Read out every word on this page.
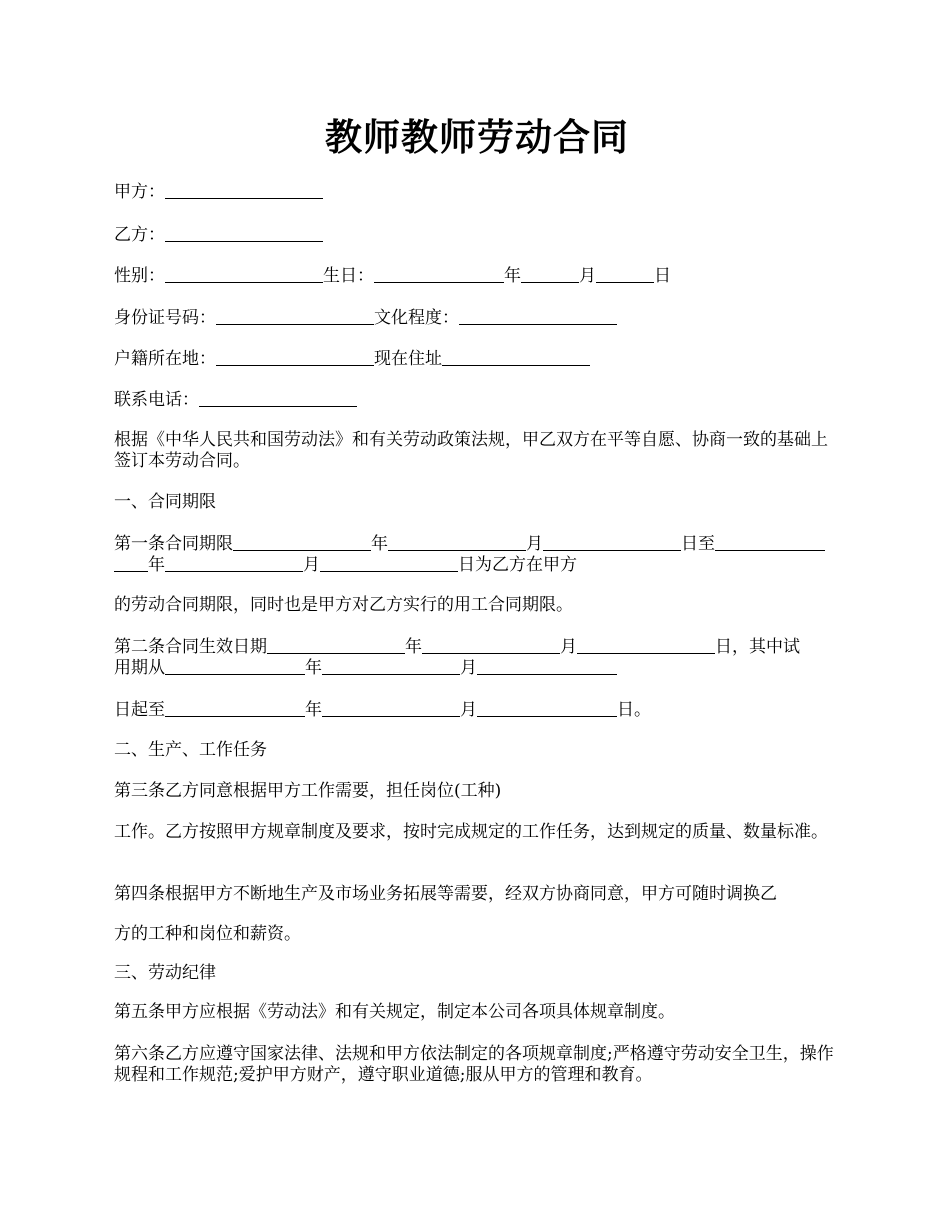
教师教师劳动合同
甲方：
乙方：
性别：	生日：	年	月	日
身份证号码：	文化程度：
户籍所在地：	现在住址
联系电话：
根据《中华人民共和国劳动法》和有关劳动政策法规，甲乙双方在平等自愿、协商一致的基础上签订本劳动合同。
一、合同期限
第一条合同期限	年	月	日至
年	月	日为乙方在甲方
的劳动合同期限，同时也是甲方对乙方实行的用工合同期限。
第二条合同生效日期	年	月	日，其中试
用期从	年	月
日起至	年	月	日。
二、生产、工作任务
第三条乙方同意根据甲方工作需要，担任岗位(工种)
工作。乙方按照甲方规章制度及要求，按时完成规定的工作任务，达到规定的质量、数量标准。
第四条根据甲方不断地生产及市场业务拓展等需要，经双方协商同意，甲方可随时调换乙
方的工种和岗位和薪资。
三、劳动纪律
第五条甲方应根据《劳动法》和有关规定，制定本公司各项具体规章制度。
第六条乙方应遵守国家法律、法规和甲方依法制定的各项规章制度;严格遵守劳动安全卫生，操作规程和工作规范;爱护甲方财产，遵守职业道德;服从甲方的管理和教育。
